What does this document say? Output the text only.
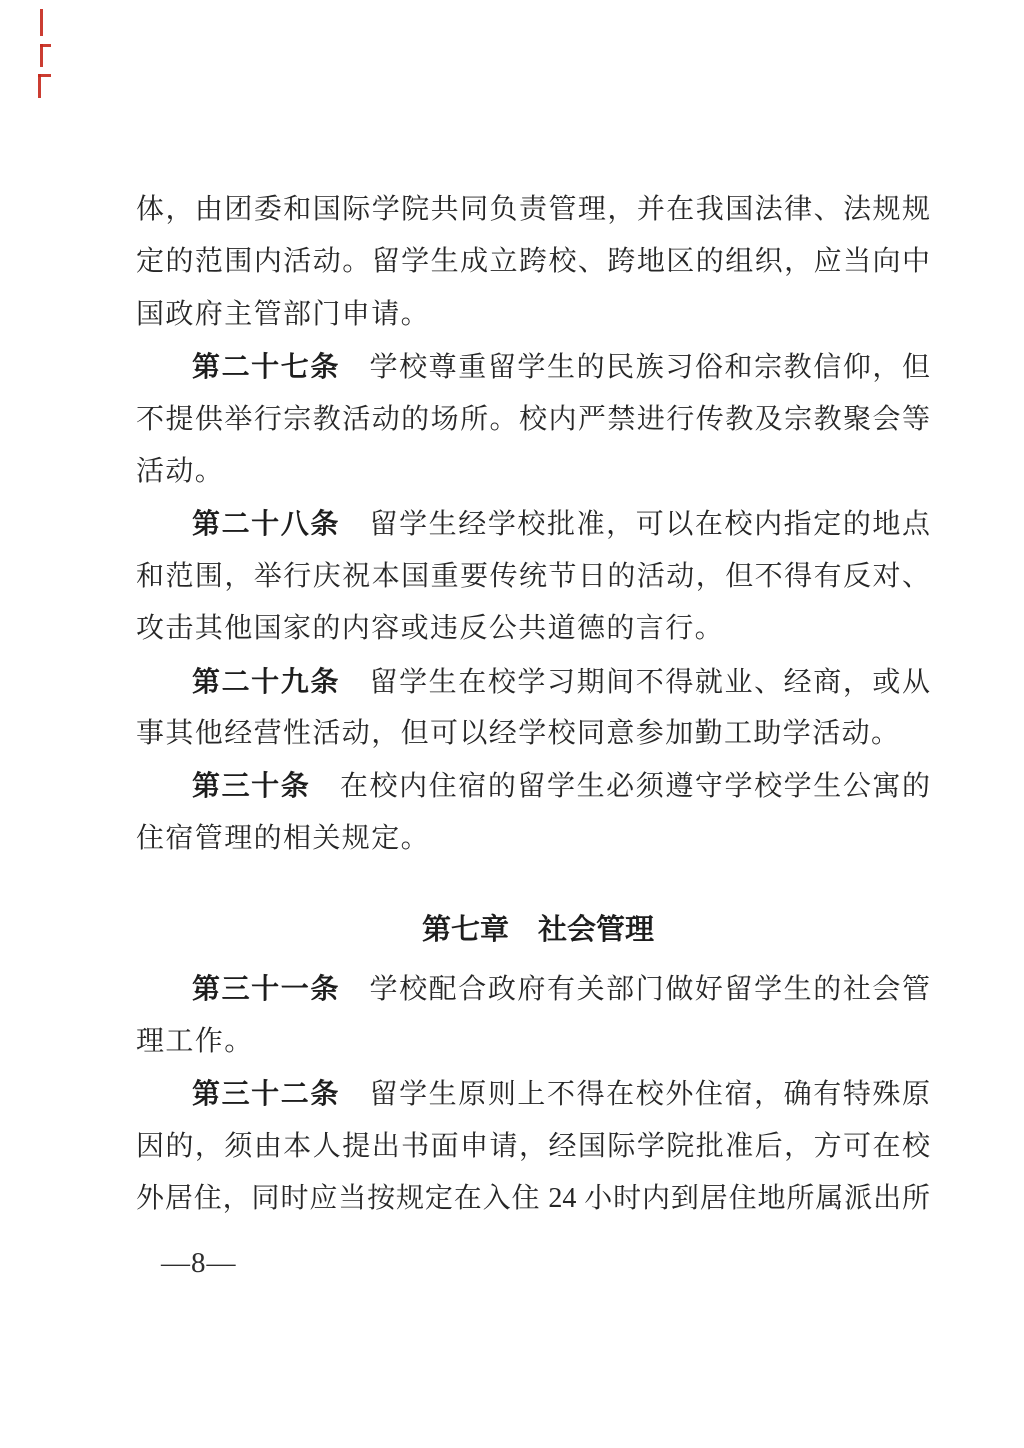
体，由团委和国际学院共同负责管理，并在我国法律、法规规
定的范围内活动。留学生成立跨校、跨地区的组织，应当向中
国政府主管部门申请。
第二十七条　学校尊重留学生的民族习俗和宗教信仰，但
不提供举行宗教活动的场所。校内严禁进行传教及宗教聚会等
活动。
第二十八条　留学生经学校批准，可以在校内指定的地点
和范围，举行庆祝本国重要传统节日的活动，但不得有反对、
攻击其他国家的内容或违反公共道德的言行。
第二十九条　留学生在校学习期间不得就业、经商，或从
事其他经营性活动，但可以经学校同意参加勤工助学活动。
第三十条　在校内住宿的留学生必须遵守学校学生公寓的
住宿管理的相关规定。
第七章　社会管理
第三十一条　学校配合政府有关部门做好留学生的社会管
理工作。
第三十二条　留学生原则上不得在校外住宿，确有特殊原
因的，须由本人提出书面申请，经国际学院批准后，方可在校
外居住，同时应当按规定在入住 24 小时内到居住地所属派出所
—8—
